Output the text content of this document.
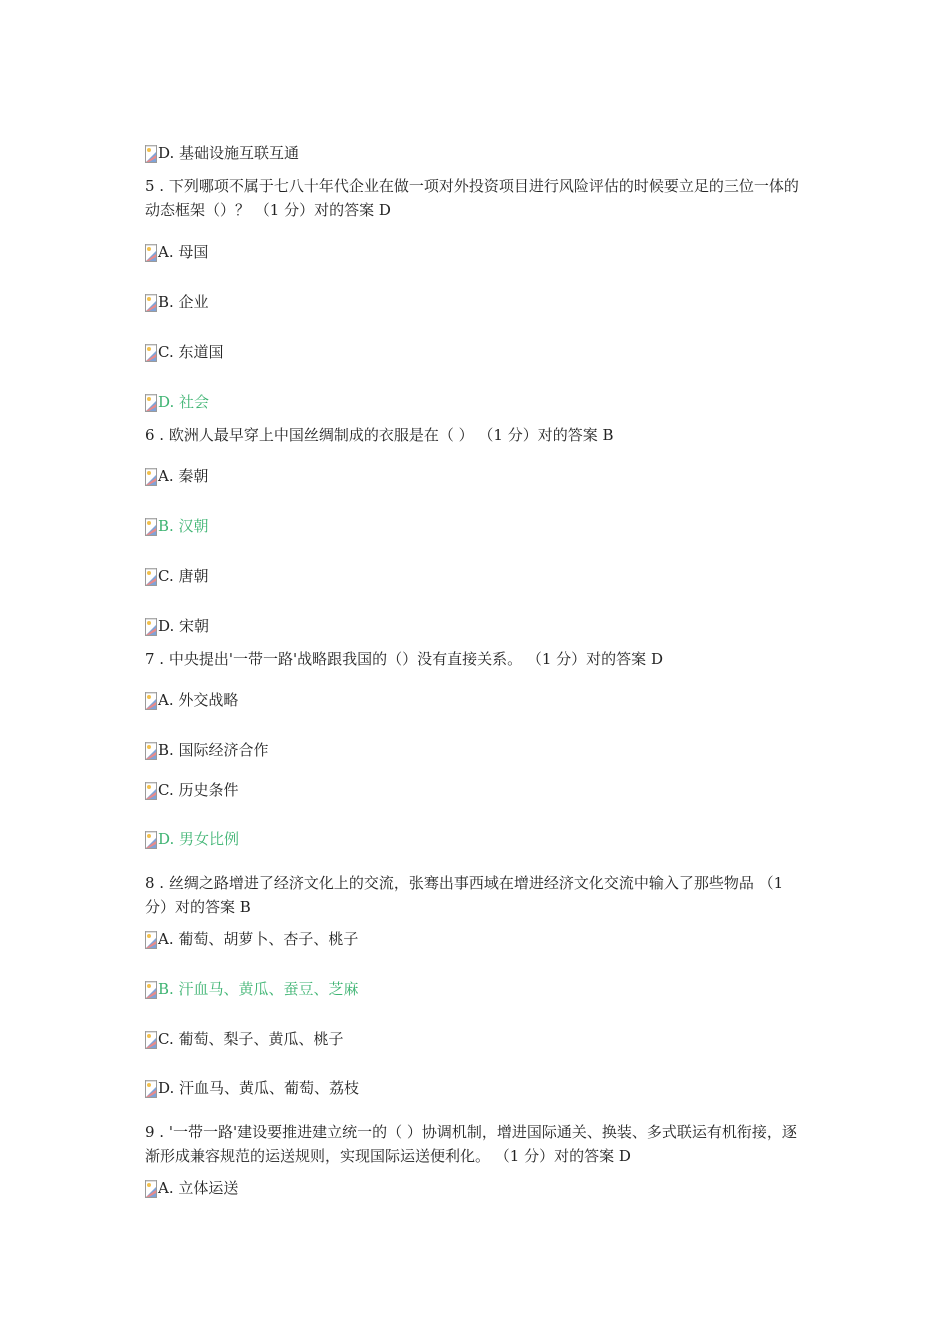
D. 基础设施互联互通
5 . 下列哪项不属于七八十年代企业在做一项对外投资项目进行风险评估的时候要立足的三位一体的动态框架（）？ （1 分）对的答案 D
A. 母国
B. 企业
C. 东道国
D. 社会
6 . 欧洲人最早穿上中国丝绸制成的衣服是在（ ） （1 分）对的答案 B
A. 秦朝
B. 汉朝
C. 唐朝
D. 宋朝
7 . 中央提出'一带一路'战略跟我国的（）没有直接关系。 （1 分）对的答案 D
A. 外交战略
B. 国际经济合作
C. 历史条件
D. 男女比例
8 . 丝绸之路增进了经济文化上的交流，张骞出事西域在增进经济文化交流中输入了那些物品 （1 分）对的答案 B
A. 葡萄、胡萝卜、杏子、桃子
B. 汗血马、黄瓜、蚕豆、芝麻
C. 葡萄、梨子、黄瓜、桃子
D. 汗血马、黄瓜、葡萄、荔枝
9 . '一带一路'建设要推进建立统一的（ ）协调机制，增进国际通关、换装、多式联运有机衔接，逐渐形成兼容规范的运送规则，实现国际运送便利化。 （1 分）对的答案 D
A. 立体运送
